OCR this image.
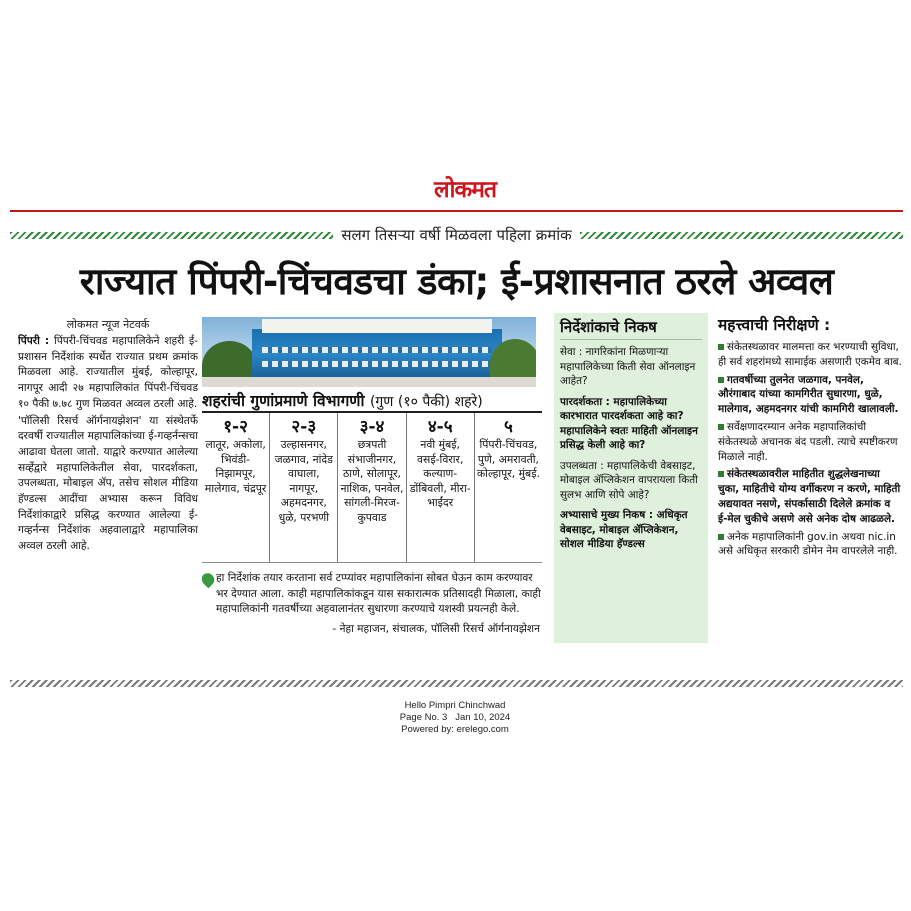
लोकमत
सलग तिसऱ्या वर्षी मिळवला पहिला क्रमांक
राज्यात पिंपरी-चिंचवडचा डंका; ई-प्रशासनात ठरले अव्वल
लोकमत न्यूज नेटवर्क

पिंपरी : पिंपरी-चिंचवड महापालिकेने शहरी ई-प्रशासन निर्देशांक स्पर्धेत राज्यात प्रथम क्रमांक मिळवला आहे. राज्यातील मुंबई, कोल्हापूर, नागपूर आदी २७ महापालिकांत पिंपरी-चिंचवड १० पैकी ७.७८ गुण मिळवत अव्वल ठरली आहे.

'पॉलिसी रिसर्च ऑर्गनायझेशन' या संस्थेतर्फे दरवर्षी राज्यातील महापालिकांच्या ई-गव्हर्नन्सचा आढावा घेतला जातो. याद्वारे करण्यात आलेल्या सर्व्हेद्वारे महापालिकेतील सेवा, पारदर्शकता, उपलब्धता, मोबाइल ॲप, तसेच सोशल मीडिया हॅण्डल्स आदींचा अभ्यास करून विविध निर्देशांकाद्वारे प्रसिद्ध करण्यात आलेल्या ई-गव्हर्नन्स निर्देशांक अहवालाद्वारे महापालिका अव्वल ठरली आहे.

शहरांची गुणांप्रमाणे विभागणी (गुण (१० पैकी) शहरे)
१-२
लातूर, अकोला, भिवंडी-निझामपूर, मालेगाव, चंद्रपूर
२-३
उल्हासनगर, जळगाव, नांदेड वाघाला, नागपूर, अहमदनगर, धुळे, परभणी
३-४
छत्रपती संभाजीनगर, ठाणे, सोलापूर, नाशिक, पनवेल, सांगली-मिरज-कुपवाड
४-५
नवी मुंबई, वसई-विरार, कल्याण-डोंबिवली, मीरा-भाईंदर
५
पिंपरी-चिंचवड, पुणे, अमरावती, कोल्हापूर, मुंबई.
हा निर्देशांक तयार करताना सर्व टप्प्यांवर महापालिकांना सोबत घेऊन काम करण्यावर भर देण्यात आला. काही महापालिकांकडून यास सकारात्मक प्रतिसादही मिळाला, काही महापालिकांनी गतवर्षीच्या अहवालानंतर सुधारणा करण्याचे यशस्वी प्रयत्नही केले.
- नेहा महाजन, संचालक, पॉलिसी रिसर्च ऑर्गनायझेशन
निर्देशांकाचे निकष
सेवा : नागरिकांना मिळणाऱ्या महापालिकेच्या किती सेवा ऑनलाइन आहेत?
पारदर्शकता : महापालिकेच्या कारभारात पारदर्शकता आहे का? महापालिकेने स्वतः माहिती ऑनलाइन प्रसिद्ध केली आहे का?
उपलब्धता : महापालिकेची वेबसाइट, मोबाइल ॲप्लिकेशन वापरायला किती सुलभ आणि सोपे आहे?
अभ्यासाचे मुख्य निकष : अधिकृत वेबसाइट, मोबाइल ॲप्लिकेशन, सोशल मीडिया हॅण्डल्स
महत्त्वाची निरीक्षणे :
संकेतस्थळावर मालमत्ता कर भरण्याची सुविधा, ही सर्व शहरांमध्ये सामाईक असणारी एकमेव बाब.
गतवर्षीच्या तुलनेत जळगाव, पनवेल, औरंगाबाद यांच्या कामगिरीत सुधारणा, धुळे, मालेगाव, अहमदनगर यांची कामगिरी खालावली.
सर्वेक्षणादरम्यान अनेक महापालिकांची संकेतस्थळे अचानक बंद पडली. त्याचे स्पष्टीकरण मिळाले नाही.
संकेतस्थळावरील माहितीत शुद्धलेखनाच्या चुका, माहितीचे योग्य वर्गीकरण न करणे, माहिती अद्ययावत नसणे, संपर्कासाठी दिलेले क्रमांक व ई-मेल चुकीचे असणे असे अनेक दोष आढळले.
अनेक महापालिकांनी gov.in अथवा nic.in असे अधिकृत सरकारी डोमेन नेम वापरलेले नाही.
Hello Pimpri Chinchwad
Page No. 3 Jan 10, 2024
Powered by: erelego.com
